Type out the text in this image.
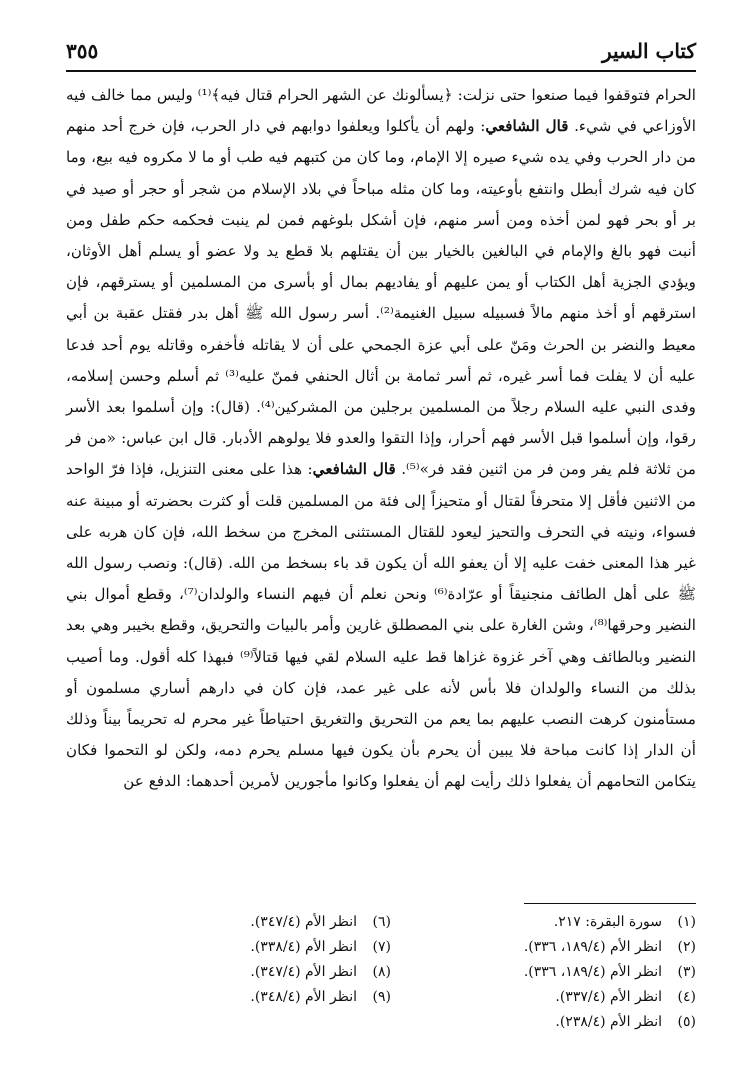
كتاب السير
٣٥٥

الحرام فتوقفوا فيما صنعوا حتى نزلت: ﴿يسألونك عن الشهر الحرام قتال فيه﴾⁽¹⁾ وليس مما خالف فيه الأوزاعي في شيء. قال الشافعي: ولهم أن يأكلوا ويعلفوا دوابهم في دار الحرب، فإن خرج أحد منهم من دار الحرب وفي يده شيء صيره إلا الإمام، وما كان من كتبهم فيه طب أو ما لا مكروه فيه بيع، وما كان فيه شرك أبطل وانتفع بأوعيته، وما كان مثله مباحاً في بلاد الإسلام من شجر أو حجر أو صيد في بر أو بحر فهو لمن أخذه ومن أسر منهم، فإن أشكل بلوغهم فمن لم ينبت فحكمه حكم طفل ومن أنبت فهو بالغ والإمام في البالغين بالخيار بين أن يقتلهم بلا قطع يد ولا عضو أو يسلم أهل الأوثان، ويؤدي الجزية أهل الكتاب أو يمن عليهم أو يفاديهم بمال أو بأسرى من المسلمين أو يسترقهم، فإن استرقهم أو أخذ منهم مالاً فسبيله سبيل الغنيمة⁽²⁾. أسر رسول الله ﷺ أهل بدر فقتل عقبة بن أبي معيط والنضر بن الحرث ومَنّ على أبي عزة الجمحي على أن لا يقاتله فأخفره وقاتله يوم أحد فدعا عليه أن لا يفلت فما أسر غيره، ثم أسر ثمامة بن أثال الحنفي فمنّ عليه⁽³⁾ ثم أسلم وحسن إسلامه، وفدى النبي عليه السلام رجلاً من المسلمين برجلين من المشركين⁽⁴⁾. (قال): وإن أسلموا بعد الأسر رقوا، وإن أسلموا قبل الأسر فهم أحرار، وإذا التقوا والعدو فلا يولوهم الأدبار. قال ابن عباس: «من فر من ثلاثة فلم يفر ومن فر من اثنين فقد فر»⁽⁵⁾. قال الشافعي: هذا على معنى التنزيل، فإذا فرّ الواحد من الاثنين فأقل إلا متحرفاً لقتال أو متحيزاً إلى فئة من المسلمين قلت أو كثرت بحضرته أو مبينة عنه فسواء، ونيته في التحرف والتحيز ليعود للقتال المستثنى المخرج من سخط الله، فإن كان هربه على غير هذا المعنى خفت عليه إلا أن يعفو الله أن يكون قد باء بسخط من الله. (قال): ونصب رسول الله ﷺ على أهل الطائف منجنيقاً أو عرّادة⁽⁶⁾ ونحن نعلم أن فيهم النساء والولدان⁽⁷⁾، وقطع أموال بني النضير وحرقها⁽⁸⁾، وشن الغارة على بني المصطلق غارين وأمر بالبيات والتحريق، وقطع بخيبر وهي بعد النضير وبالطائف وهي آخر غزوة غزاها قط عليه السلام لقي فيها قتالاً⁽⁹⁾ فبهذا كله أقول. وما أصيب بذلك من النساء والولدان فلا بأس لأنه على غير عمد، فإن كان في دارهم أساري مسلمون أو مستأمنون كرهت النصب عليهم بما يعم من التحريق والتغريق احتياطاً غير محرم له تحريماً بيناً وذلك أن الدار إذا كانت مباحة فلا يبين أن يحرم بأن يكون فيها مسلم يحرم دمه، ولكن لو التحموا فكان يتكامن التحامهم أن يفعلوا ذلك رأيت لهم أن يفعلوا وكانوا مأجورين لأمرين أحدهما: الدفع عن

(١)سورة البقرة: ٢١٧.
(٢)انظر الأم (١٨٩/٤، ٣٣٦).
(٣)انظر الأم (١٨٩/٤، ٣٣٦).
(٤)انظر الأم (٣٣٧/٤).
(٥)انظر الأم (٢٣٨/٤).
(٦)انظر الأم (٣٤٧/٤).
(٧)انظر الأم (٣٣٨/٤).
(٨)انظر الأم (٣٤٧/٤).
(٩)انظر الأم (٣٤٨/٤).
